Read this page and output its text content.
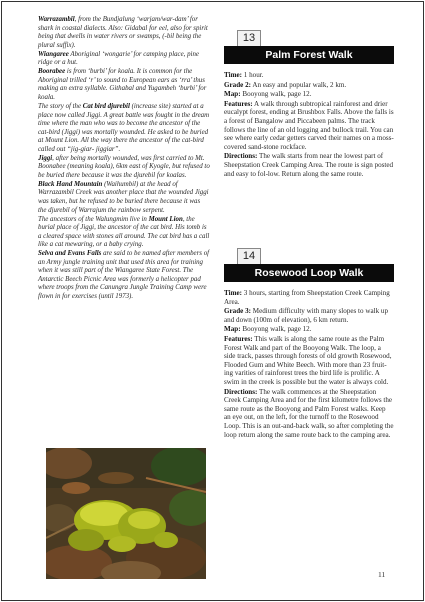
Warrazambil, from the Bundjalung ‘warjam/war-dam’ for shark in coastal dialects. Also: Gidabal for eel, also for spirit being that dwells in water rivers or swamps, (-bil being the plural suffix).

Wiangaree Aboriginal ‘wongarie’ for camping place, pine ridge or a hut.

Boorabee is from ‘burbi’ for koala. It is common for the Aboriginal trilled ‘r’ to sound to European ears as ‘rra’ thus making an extra syllable. Githabal and Yugambeh ‘burbi’ for koala.

The story of the Cat bird djurebil (increase site) started at a place now called Jiggi. A great battle was fought in the dream time where the man who was to become the ancestor of the cat-bird (Jiggi) was mortally wounded. He asked to be buried at Mount Lion. All the way there the ancestor of the cat-bird called out “jig-giar- jiggiar”.

Jiggi, after being mortally wounded, was first carried to Mt. Boonabee (meaning koala), 6km east of Kyogle, but refused to be buried there because it was the djurebil for koalas.

Black Hand Mountain (Waihumbil) at the head of Warrazambil Creek was another place that the wounded Jiggi was taken, but he refused to be buried there because it was the djurebil of Warrajum the rainbow serpent.

The ancestors of the Walungmim live in Mount Lion, the burial place of Jiggi, the ancestor of the cat bird. His tomb is a cleared space with stones all around. The cat bird has a call like a cat mewaring, or a baby crying.

Selva and Evans Falls are said to be named after members of an Army jungle training unit that used this area for training when it was still part of the Wiangaree State Forest. The Antarctic Beech Picnic Area was formerly a helicopter pad where troops from the Canungra Jungle Training Camp were flown in for exercises (until 1973).

13
Palm Forest Walk

Time: 1 hour.

Grade 2: An easy and popular walk, 2 km.

Map: Booyong walk, page 12.

Features: A walk through subtropical rainforest and drier eucalypt forest, ending at Brushbox Falls. Above the falls is a forest of Bangalow and Piccabeen palms. The track follows the line of an old logging and bullock trail. You can see where early cedar getters carved their names on a moss-covered sand-stone rockface.

Directions: The walk starts from near the lowest part of Sheepstation Creek Camping Area. The route is sign posted and easy to fol-low. Return along the same route.

14
Rosewood Loop Walk

Time: 3 hours, starting from Sheepstation Creek Camping Area.

Grade 3: Medium difficulty with many slopes to walk up and down (100m of elevation), 6 km return.

Map: Booyong walk, page 12.

Features: This walk is along the same route as the Palm Forest Walk and part of the Booyong Walk. The loop, a side track, passes through forests of old growth Rosewood, Flooded Gum and White Beech. With more than 23 fruit-ing varities of rainforest trees the bird life is prolific. A swim in the creek is possible but the water is always cold.

Directions: The walk commences at the Sheepstation Creek Camping Area and for the first kilometre follows the same route as the Booyong and Palm Forest walks. Keep an eye out, on the left, for the turnoff to the Rosewood Loop. This is an out-and-back walk, so after completing the loop return along the same route back to the camping area.

11
